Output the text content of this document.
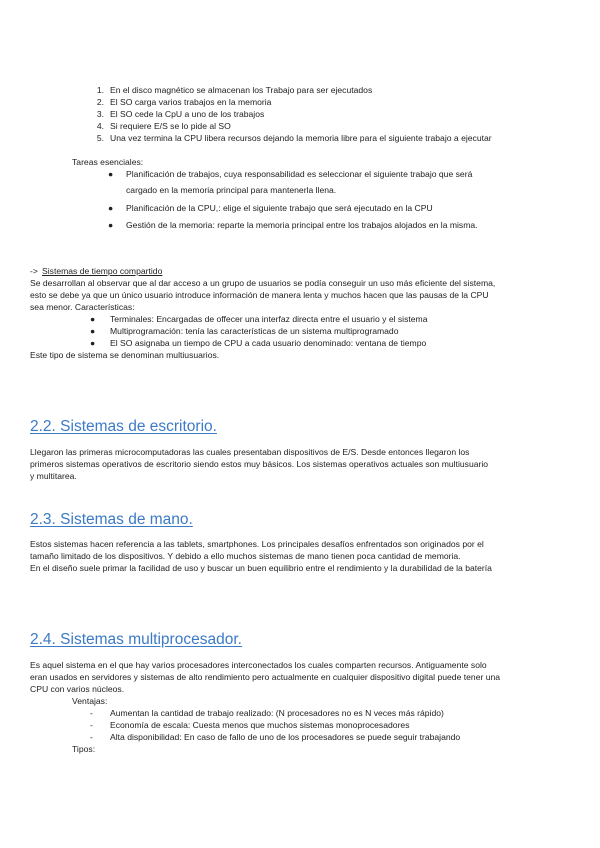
1. En el disco magnético se almacenan los Trabajo para ser ejecutados
2. El SO carga varios trabajos en la memoria
3. El SO cede la CpU a uno de los trabajos
4. Si requiere E/S se lo pide al SO
5. Una vez termina la CPU libera recursos dejando la memoria libre para el siguiente trabajo a ejecutar
Tareas esenciales:
● Planificación de trabajos, cuya responsabilidad es seleccionar el siguiente trabajo que será
cargado en la memoria principal para mantenerla llena.
● Planificación de la CPU,: elige el siguiente trabajo que será ejecutado en la CPU
● Gestión de la memoria: reparte la memoria principal entre los trabajos alojados en la misma.
-> Sistemas de tiempo compartido
Se desarrollan al observar que al dar acceso a un grupo de usuarios se podía conseguir un uso más eficiente del sistema,
esto se debe ya que un único usuario introduce información de manera lenta y muchos hacen que las pausas de la CPU
sea menor. Características:
● Terminales: Encargadas de offecer una interfaz directa entre el usuario y el sistema
● Multiprogramación: tenía las características de un sistema multiprogramado
● El SO asignaba un tiempo de CPU a cada usuario denominado: ventana de tiempo
Este tipo de sistema se denominan multiusuarios.
2.2. Sistemas de escritorio.
Llegaron las primeras microcomputadoras las cuales presentaban dispositivos de E/S. Desde entonces llegaron los
primeros sistemas operativos de escritorio siendo estos muy básicos. Los sistemas operativos actuales son multiusuario
y multitarea.
2.3. Sistemas de mano.
Estos sistemas hacen referencia a las tablets, smartphones. Los principales desafíos enfrentados son originados por el
tamaño limitado de los dispositivos. Y debido a ello muchos sistemas de mano tienen poca cantidad de memoria.
En el diseño suele primar la facilidad de uso y buscar un buen equilibrio entre el rendimiento y la durabilidad de la batería
2.4. Sistemas multiprocesador.
Es aquel sistema en el que hay varios procesadores interconectados los cuales comparten recursos. Antiguamente solo
eran usados en servidores y sistemas de alto rendimiento pero actualmente en cualquier dispositivo digital puede tener una
CPU con varios núcleos.
Ventajas:
- Aumentan la cantidad de trabajo realizado: (N procesadores no es N veces más rápido)
- Economía de escala: Cuesta menos que muchos sistemas monoprocesadores
- Alta disponibilidad: En caso de fallo de uno de los procesadores se puede seguir trabajando
Tipos:
